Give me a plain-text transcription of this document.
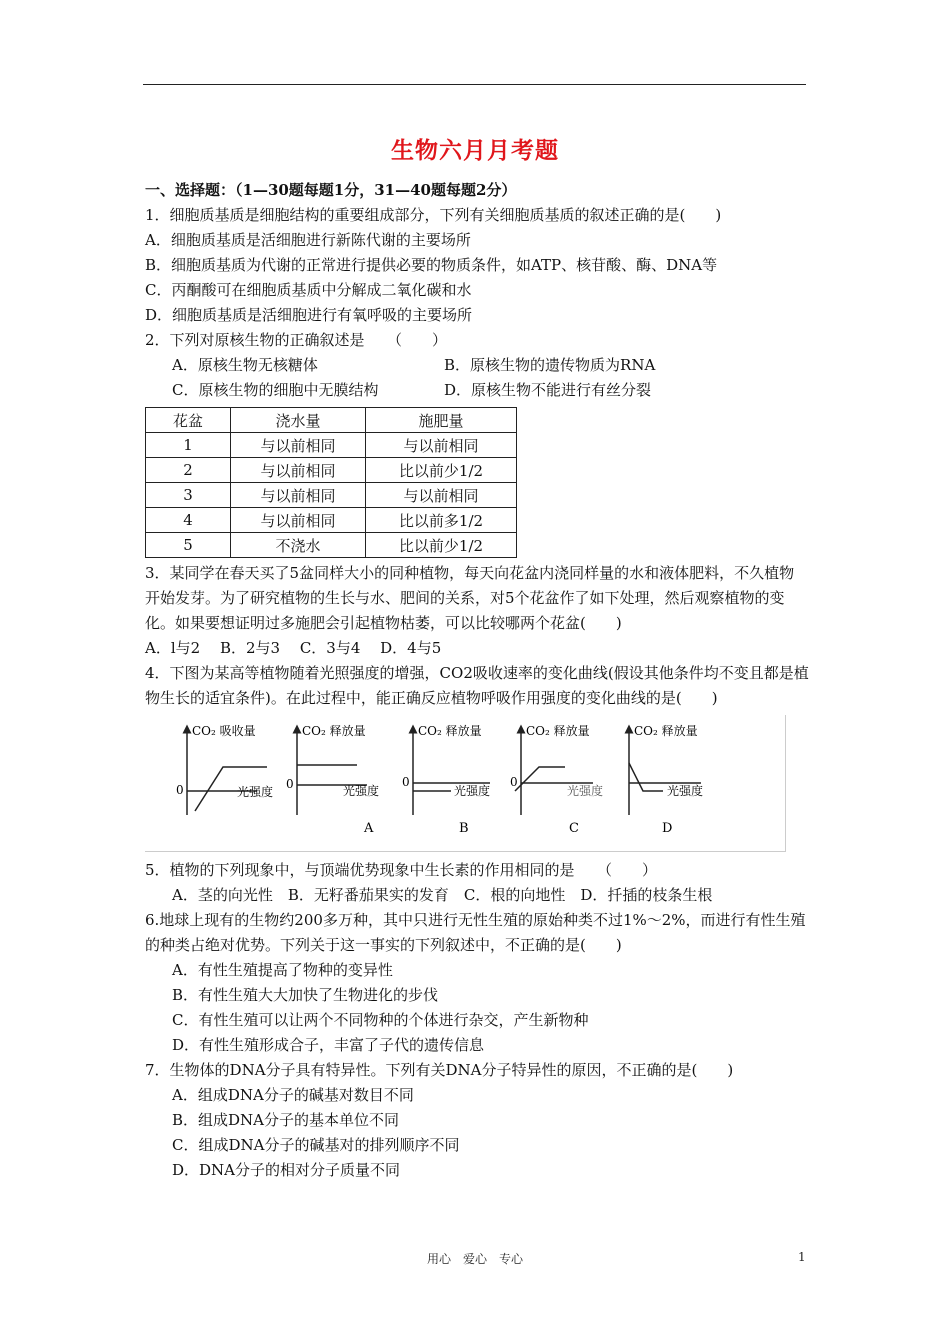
生物六月月考题
一、选择题：（1—30题每题1分，31—40题每题2分）
1．细胞质基质是细胞结构的重要组成部分，下列有关细胞质基质的叙述正确的是(　　)
A．细胞质基质是活细胞进行新陈代谢的主要场所
B．细胞质基质为代谢的正常进行提供必要的物质条件，如ATP、核苷酸、酶、DNA等
C．丙酮酸可在细胞质基质中分解成二氧化碳和水
D．细胞质基质是活细胞进行有氧呼吸的主要场所
2．下列对原核生物的正确叙述是　　（　　）
A．原核生物无核糖体	B．原核生物的遗传物质为RNA
C．原核生物的细胞中无膜结构	D．原核生物不能进行有丝分裂
花盆	浇水量	施肥量
1	与以前相同	与以前相同
2	与以前相同	比以前少1/2
3	与以前相同	与以前相同
4	与以前相同	比以前多1/2
5	不浇水	比以前少1/2
3．某同学在春天买了5盆同样大小的同种植物，每天向花盆内浇同样量的水和液体肥料，不久植物开始发芽。为了研究植物的生长与水、肥间的关系，对5个花盆作了如下处理，然后观察植物的变化。如果要想证明过多施肥会引起植物枯萎，可以比较哪两个花盆(　　)
A．l与2　 B．2与3　 C．3与4　 D．4与5
4．下图为某高等植物随着光照强度的增强，CO2吸收速率的变化曲线(假设其他条件均不变且都是植物生长的适宜条件)。在此过程中，能正确反应植物呼吸作用强度的变化曲线的是(　　)
CO₂ 吸收量
0	光强度
CO₂ 释放量
0	光强度
A
CO₂ 释放量
0
光强度
B
CO₂ 释放量
0
光强度
C
CO₂ 释放量
光强度
D
5．植物的下列现象中，与顶端优势现象中生长素的作用相同的是　　（　　）
A．茎的向光性　B．无籽番茄果实的发育　C．根的向地性　D．扦插的枝条生根
6.地球上现有的生物约200多万种，其中只进行无性生殖的原始种类不过1%～2%，而进行有性生殖的种类占绝对优势。下列关于这一事实的下列叙述中，不正确的是(　　)
A．有性生殖提高了物种的变异性
B．有性生殖大大加快了生物进化的步伐
C．有性生殖可以让两个不同物种的个体进行杂交，产生新物种
D．有性生殖形成合子，丰富了子代的遗传信息
7．生物体的DNA分子具有特异性。下列有关DNA分子特异性的原因，不正确的是(　　)
A．组成DNA分子的碱基对数目不同
B．组成DNA分子的基本单位不同
C．组成DNA分子的碱基对的排列顺序不同
D．DNA分子的相对分子质量不同
用心　爱心　专心	1
